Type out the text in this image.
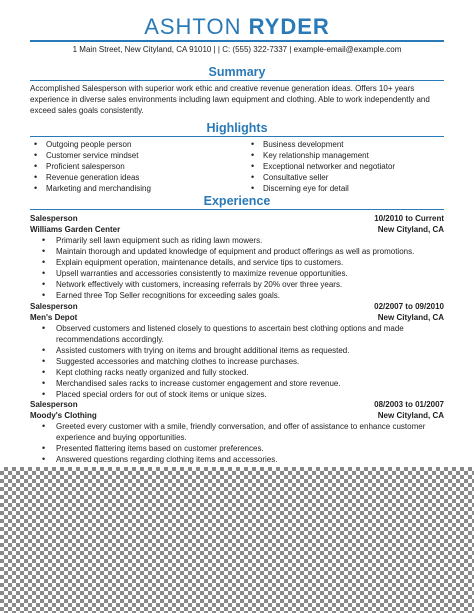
ASHTON RYDER
1 Main Street, New Cityland, CA 91010 | | C: (555) 322-7337 | example-email@example.com
Summary
Accomplished Salesperson with superior work ethic and creative revenue generation ideas. Offers 10+ years experience in diverse sales environments including lawn equipment and clothing. Able to work independently and exceed sales goals consistently.
Highlights
• Outgoing people person
• Customer service mindset
• Proficient salesperson
• Revenue generation ideas
• Marketing and merchandising
• Business development
• Key relationship management
• Exceptional networker and negotiator
• Consultative seller
• Discerning eye for detail
Experience
Salesperson	10/2010 to Current
Williams Garden Center	New Cityland, CA
• Primarily sell lawn equipment such as riding lawn mowers.
• Maintain thorough and updated knowledge of equipment and product offerings as well as promotions.
• Explain equipment operation, maintenance details, and service tips to customers.
• Upsell warranties and accessories consistently to maximize revenue opportunities.
• Network effectively with customers, increasing referrals by 20% over three years.
• Earned three Top Seller recognitions for exceeding sales goals.
Salesperson	02/2007 to 09/2010
Men's Depot	New Cityland, CA
• Observed customers and listened closely to questions to ascertain best clothing options and made recommendations accordingly.
• Assisted customers with trying on items and brought additional items as requested.
• Suggested accessories and matching clothes to increase purchases.
• Kept clothing racks neatly organized and fully stocked.
• Merchandised sales racks to increase customer engagement and store revenue.
• Placed special orders for out of stock items or unique sizes.
Salesperson	08/2003 to 01/2007
Moody's Clothing	New Cityland, CA
• Greeted every customer with a smile, friendly conversation, and offer of assistance to enhance customer experience and buying opportunities.
• Presented flattering items based on customer preferences.
• Answered questions regarding clothing items and accessories.
•
•
